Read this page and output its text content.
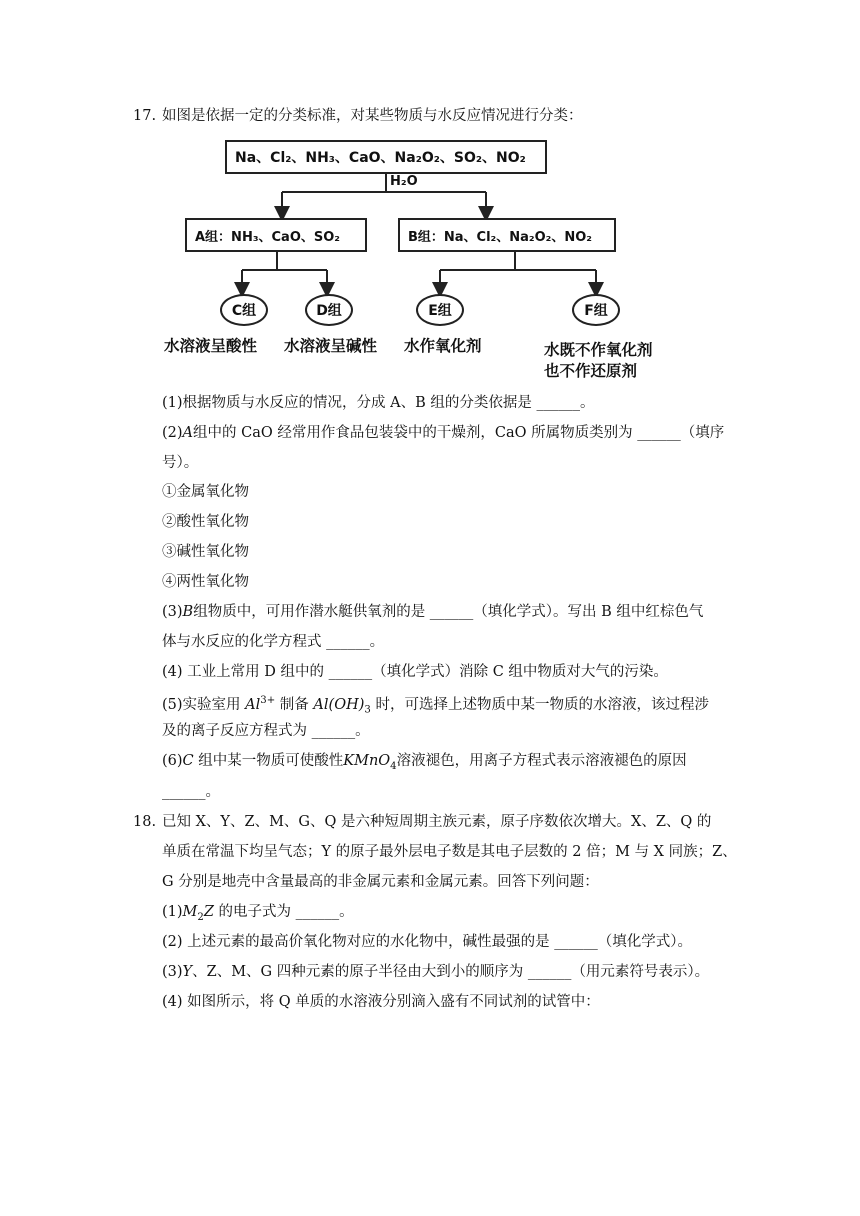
17. 如图是依据一定的分类标准，对某些物质与水反应情况进行分类：
Na、Cl₂、NH₃、CaO、Na₂O₂、SO₂、NO₂
H₂O
A组：NH₃、CaO、SO₂	B组：Na、Cl₂、Na₂O₂、NO₂
C组	D组	E组	F组
水溶液呈酸性 水溶液呈碱性 水作氧化剂	水既不作氧化剂
也不作还原剂
(1)根据物质与水反应的情况，分成 A、B 组的分类依据是 ______。
(2)A组中的 CaO 经常用作食品包装袋中的干燥剂，CaO 所属物质类别为 ______（填序
号）。
①金属氧化物
②酸性氧化物
③碱性氧化物
④两性氧化物
(3)B组物质中，可用作潜水艇供氧剂的是 ______（填化学式）。写出 B 组中红棕色气
体与水反应的化学方程式 ______。
(4) 工业上常用 D 组中的 ______（填化学式）消除 C 组中物质对大气的污染。
(5)实验室用 $Al^{3+}$ 制备 $Al(OH)_3$ 时，可选择上述物质中某一物质的水溶液，该过程涉
及的离子反应方程式为 ______。
(6)C 组中某一物质可使酸性KMnO$_4$溶液褪色，用离子方程式表示溶液褪色的原因
______。
18. 已知 X、Y、Z、M、G、Q 是六种短周期主族元素，原子序数依次增大。X、Z、Q 的
单质在常温下均呈气态；Y 的原子最外层电子数是其电子层数的 2 倍；M 与 X 同族；Z、
G 分别是地壳中含量最高的非金属元素和金属元素。回答下列问题：
$(1)M_2Z$ 的电子式为 ______。
(2) 上述元素的最高价氧化物对应的水化物中，碱性最强的是 ______（填化学式）。
(3)Y、Z、M、G 四种元素的原子半径由大到小的顺序为 ______（用元素符号表示）。
(4) 如图所示，将 Q 单质的水溶液分别滴入盛有不同试剂的试管中：
